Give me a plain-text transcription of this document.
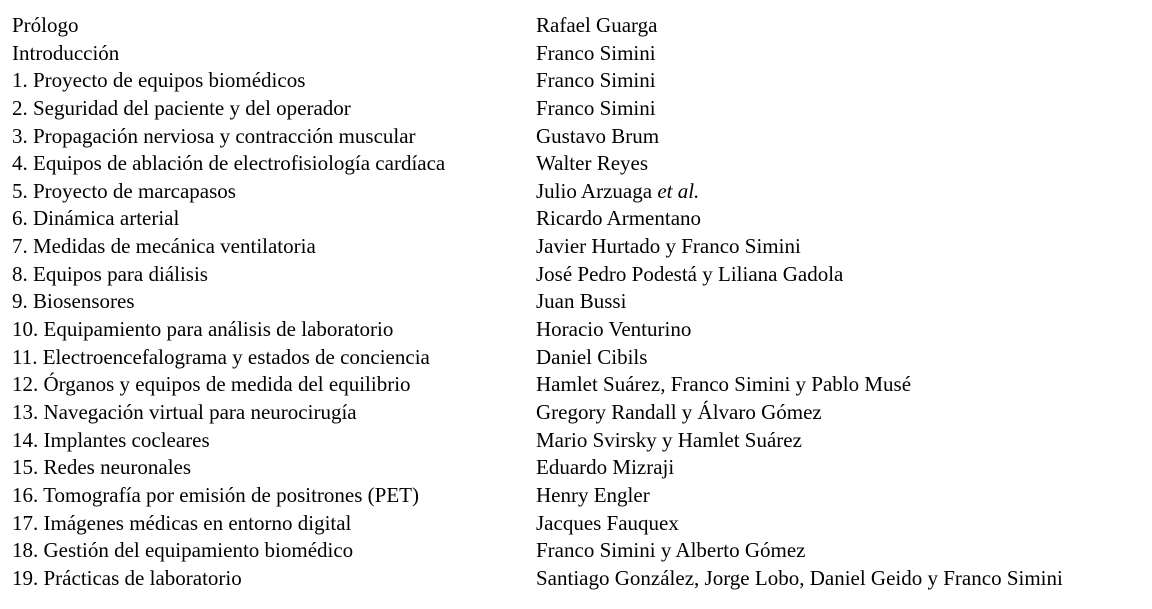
Prólogo	Rafael Guarga
Introducción	Franco Simini
1. Proyecto de equipos biomédicos	Franco Simini
2. Seguridad del paciente y del operador	Franco Simini
3. Propagación nerviosa y contracción muscular	Gustavo Brum
4. Equipos de ablación de electrofisiología cardíaca	Walter Reyes
5. Proyecto de marcapasos	Julio Arzuaga et al.
6. Dinámica arterial	Ricardo Armentano
7. Medidas de mecánica ventilatoria	Javier Hurtado y Franco Simini
8. Equipos para diálisis	José Pedro Podestá y Liliana Gadola
9. Biosensores	Juan Bussi
10. Equipamiento para análisis de laboratorio	Horacio Venturino
11. Electroencefalograma y estados de conciencia	Daniel Cibils
12. Órganos y equipos de medida del equilibrio	Hamlet Suárez, Franco Simini y Pablo Musé
13. Navegación virtual para neurocirugía	Gregory Randall y Álvaro Gómez
14. Implantes cocleares	Mario Svirsky y Hamlet Suárez
15. Redes neuronales	Eduardo Mizraji
16. Tomografía por emisión de positrones (PET)	Henry Engler
17. Imágenes médicas en entorno digital	Jacques Fauquex
18. Gestión del equipamiento biomédico	Franco Simini y Alberto Gómez
19. Prácticas de laboratorio	Santiago González, Jorge Lobo, Daniel Geido y Franco Simini
